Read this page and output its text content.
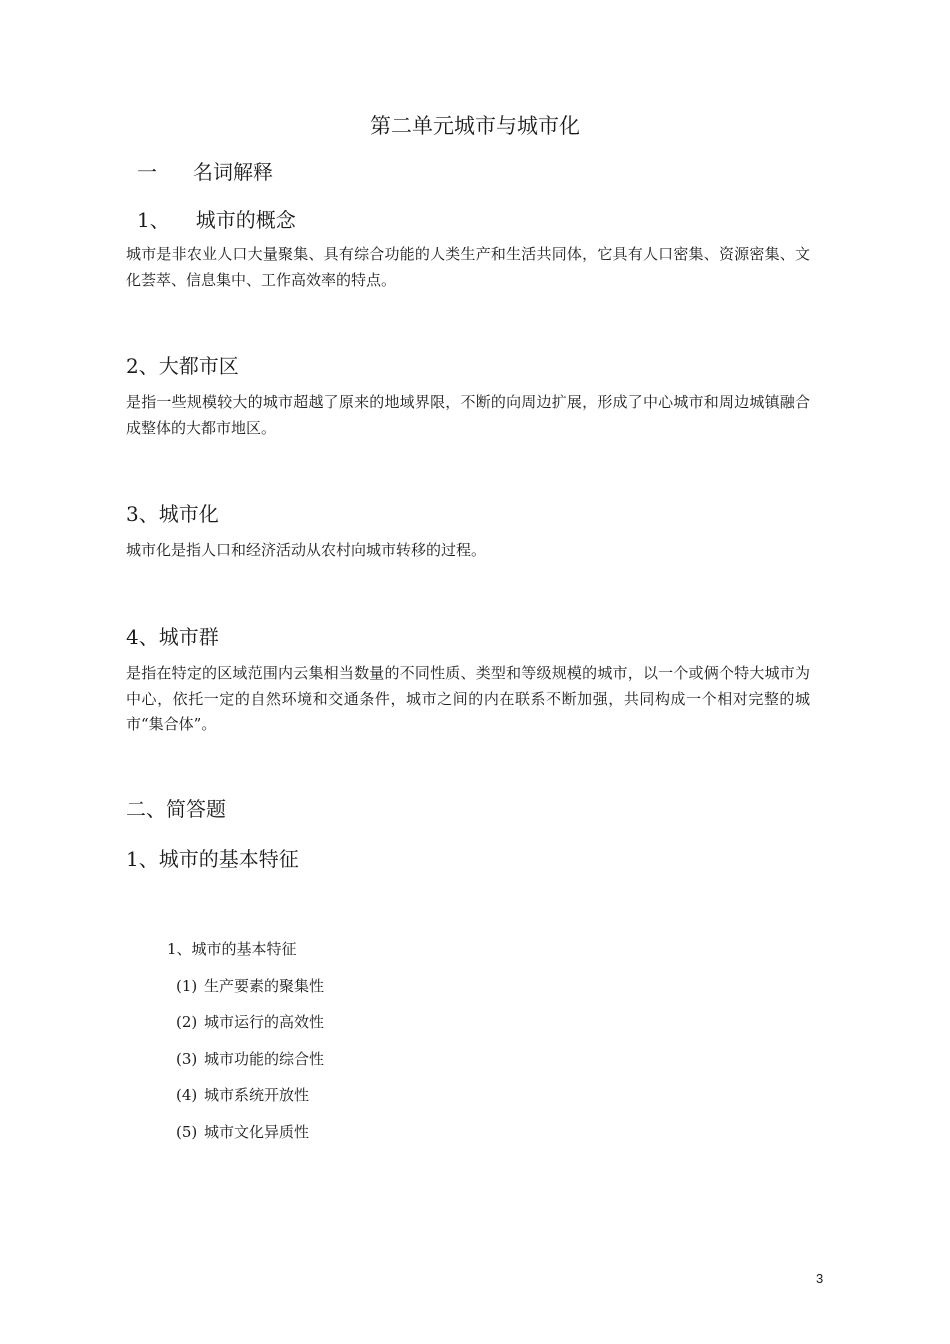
第二单元城市与城市化
一 名词解释
1、 城市的概念
城市是非农业人口大量聚集、具有综合功能的人类生产和生活共同体，它具有人口密集、资源密集、文化荟萃、信息集中、工作高效率的特点。
2、大都市区
是指一些规模较大的城市超越了原来的地域界限，不断的向周边扩展，形成了中心城市和周边城镇融合成整体的大都市地区。
3、城市化
城市化是指人口和经济活动从农村向城市转移的过程。
4、城市群
是指在特定的区域范围内云集相当数量的不同性质、类型和等级规模的城市，以一个或俩个特大城市为中心，依托一定的自然环境和交通条件，城市之间的内在联系不断加强，共同构成一个相对完整的城市“集合体”。
二、简答题
1、城市的基本特征
1、城市的基本特征
(1) 生产要素的聚集性
(2) 城市运行的高效性
(3) 城市功能的综合性
(4) 城市系统开放性
(5) 城市文化异质性
3
